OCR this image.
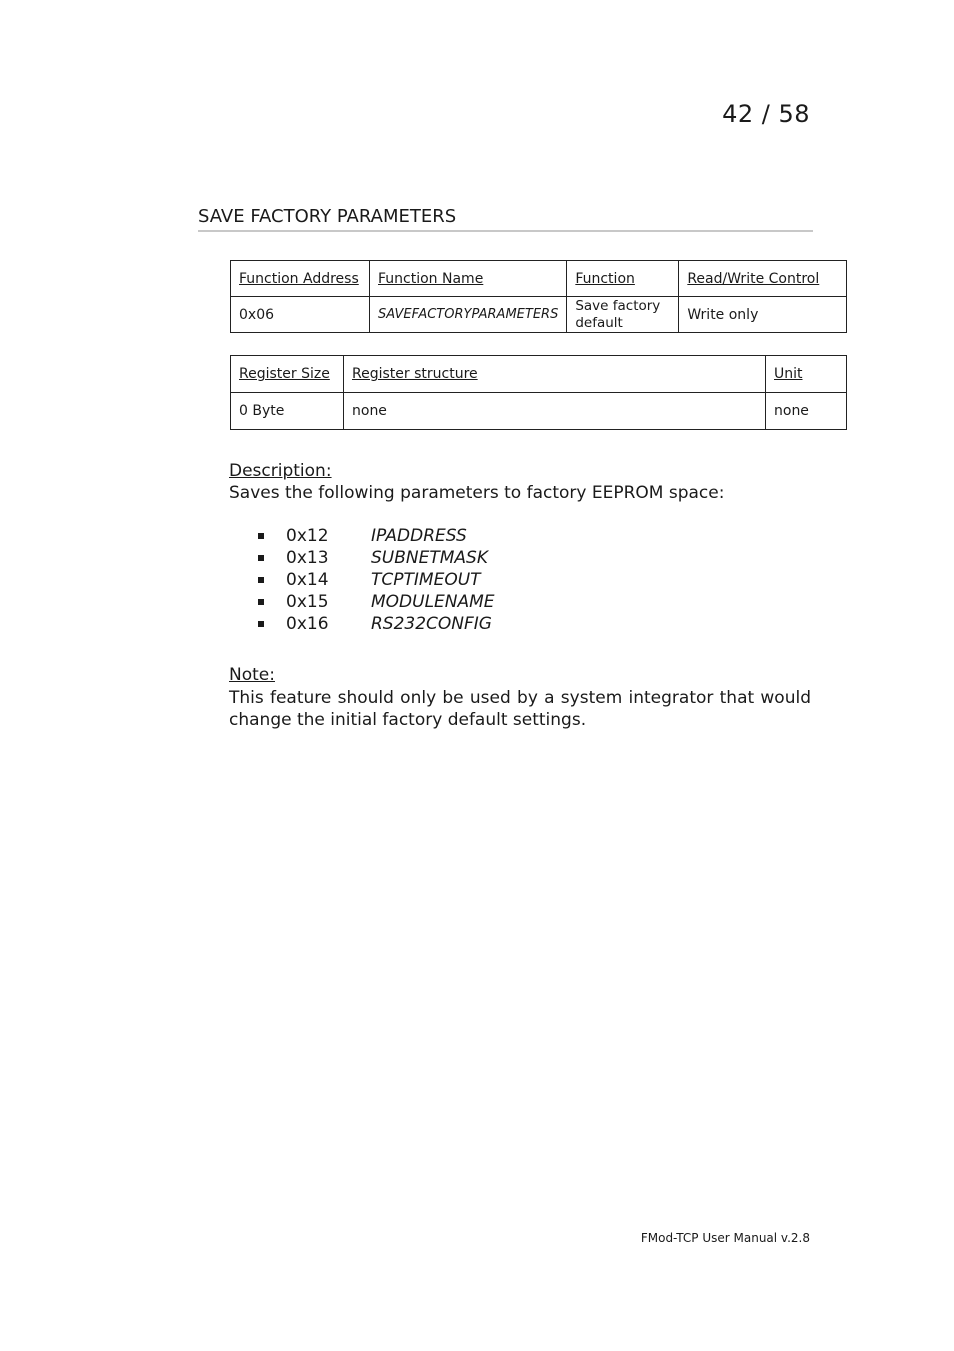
42 / 58
SAVE FACTORY PARAMETERS
Function Address	Function Name	Function	Read/Write Control
0x06	SAVEFACTORYPARAMETERS	Save factory default	Write only
Register Size	Register structure	Unit
0 Byte	none	none
Description:
Saves the following parameters to factory EEPROM space:
0x12	IPADDRESS
0x13	SUBNETMASK
0x14	TCPTIMEOUT
0x15	MODULENAME
0x16	RS232CONFIG
Note:
This feature should only be used by a system integrator that would change the initial factory default settings.
FMod-TCP User Manual v.2.8
